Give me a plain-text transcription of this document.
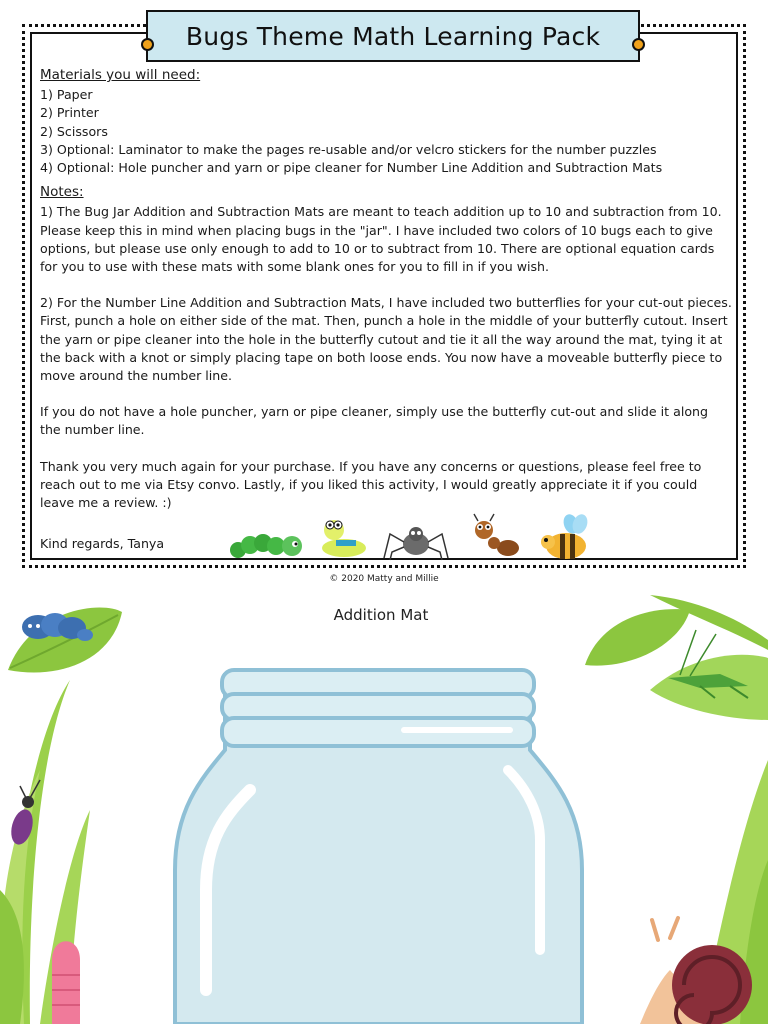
Bugs Theme Math Learning Pack

Materials you will need:

1) Paper

2) Printer

2) Scissors

3) Optional: Laminator to make the pages re-usable and/or velcro stickers for the number puzzles

4) Optional: Hole puncher and yarn or pipe cleaner for Number Line Addition and Subtraction Mats

Notes:

1) The Bug Jar Addition and Subtraction Mats are meant to teach addition up to 10 and subtraction from 10. Please keep this in mind when placing bugs in the "jar". I have included two colors of 10 bugs each to give options, but please use only enough to add to 10 or to subtract from 10. There are optional equation cards for you to use with these mats with some blank ones for you to fill in if you wish.

2) For the Number Line Addition and Subtraction Mats, I have included two butterflies for your cut-out pieces. First, punch a hole on either side of the mat. Then, punch a hole in the middle of your butterfly cutout. Insert the yarn or pipe cleaner into the hole in the butterfly cutout and tie it all the way around the mat, tying it at the back with a knot or simply placing tape on both loose ends. You now have a moveable butterfly piece to move around the number line.

If you do not have a hole puncher, yarn or pipe cleaner, simply use the butterfly cut-out and slide it along the number line.

Thank you very much again for your purchase. If you have any concerns or questions, please feel free to reach out to me via Etsy convo. Lastly, if you liked this activity, I would greatly appreciate it if you could leave me a review. :)

Kind regards, Tanya
© 2020 Matty and Millie
Addition Mat
